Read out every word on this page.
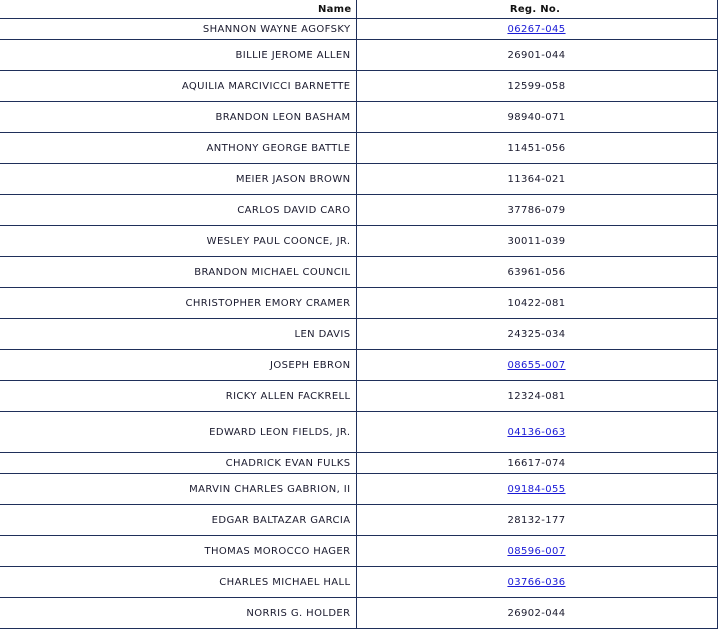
Name	Reg. No.
SHANNON WAYNE AGOFSKY	06267-045
BILLIE JEROME ALLEN	26901-044
AQUILIA MARCIVICCI BARNETTE	12599-058
BRANDON LEON BASHAM	98940-071
ANTHONY GEORGE BATTLE	11451-056
MEIER JASON BROWN	11364-021
CARLOS DAVID CARO	37786-079
WESLEY PAUL COONCE, JR.	30011-039
BRANDON MICHAEL COUNCIL	63961-056
CHRISTOPHER EMORY CRAMER	10422-081
LEN DAVIS	24325-034
JOSEPH EBRON	08655-007
RICKY ALLEN FACKRELL	12324-081
EDWARD LEON FIELDS, JR.	04136-063
CHADRICK EVAN FULKS	16617-074
MARVIN CHARLES GABRION, II	09184-055
EDGAR BALTAZAR GARCIA	28132-177
THOMAS MOROCCO HAGER	08596-007
CHARLES MICHAEL HALL	03766-036
NORRIS G. HOLDER	26902-044
